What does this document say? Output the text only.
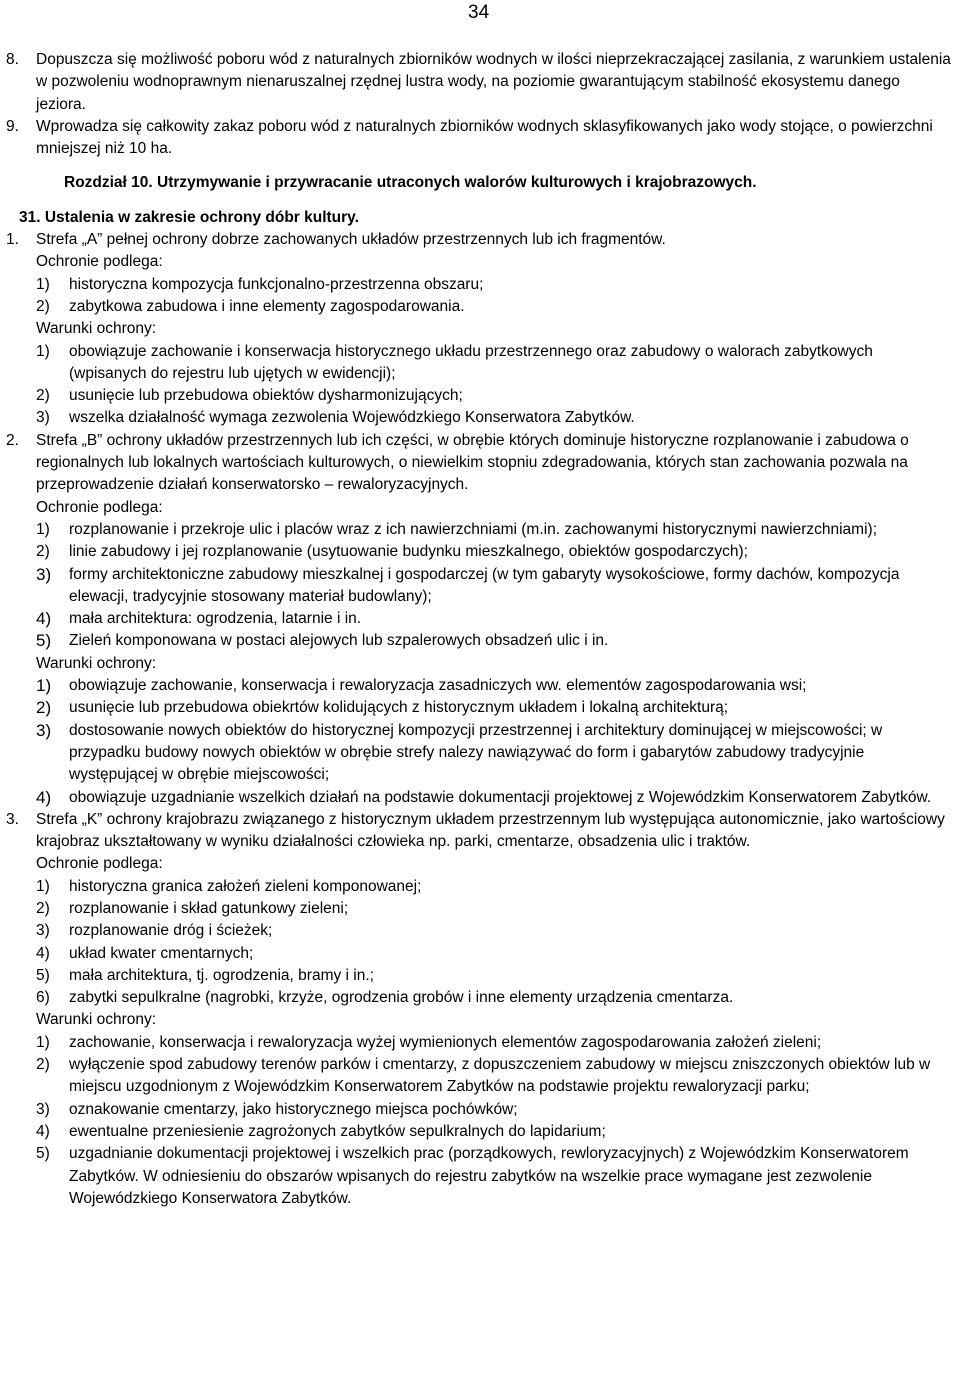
34
8. Dopuszcza się możliwość poboru wód z naturalnych zbiorników wodnych w ilości nieprzekraczającej zasilania, z warunkiem ustalenia w pozwoleniu wodnoprawnym nienaruszalnej rzędnej lustra wody, na poziomie gwarantującym stabilność ekosystemu danego jeziora.
9. Wprowadza się całkowity zakaz poboru wód z naturalnych zbiorników wodnych sklasyfikowanych jako wody stojące, o powierzchni mniejszej niż 10 ha.
Rozdział 10. Utrzymywanie i przywracanie utraconych walorów kulturowych i krajobrazowych.
31. Ustalenia w zakresie ochrony dóbr kultury.
1. Strefa „A” pełnej ochrony dobrze zachowanych układów przestrzennych lub ich fragmentów.
Ochronie podlega:
1) historyczna kompozycja funkcjonalno-przestrzenna obszaru;
2) zabytkowa zabudowa i inne elementy zagospodarowania.
Warunki ochrony:
1) obowiązuje zachowanie i konserwacja historycznego układu przestrzennego oraz zabudowy o walorach zabytkowych (wpisanych do rejestru lub ujętych w ewidencji);
2) usunięcie lub przebudowa obiektów dysharmonizujących;
3) wszelka działalność wymaga zezwolenia Wojewódzkiego Konserwatora Zabytków.
2. Strefa „B” ochrony układów przestrzennych lub ich części, w obrębie których dominuje historyczne rozplanowanie i zabudowa o regionalnych lub lokalnych wartościach kulturowych, o niewielkim stopniu zdegradowania, których stan zachowania pozwala na przeprowadzenie działań konserwatorsko – rewaloryzacyjnych.
Ochronie podlega:
1) rozplanowanie i przekroje ulic i placów wraz z ich nawierzchniami (m.in. zachowanymi historycznymi nawierzchniami);
2) linie zabudowy i jej rozplanowanie (usytuowanie budynku mieszkalnego, obiektów gospodarczych);
3) formy architektoniczne zabudowy mieszkalnej i gospodarczej (w tym gabaryty wysokościowe, formy dachów, kompozycja elewacji, tradycyjnie stosowany materiał budowlany);
4) mała architektura: ogrodzenia, latarnie i in.
5) Zieleń komponowana w postaci alejowych lub szpalerowych obsadzeń ulic i in.
Warunki ochrony:
1) obowiązuje zachowanie, konserwacja i rewaloryzacja zasadniczych ww. elementów zagospodarowania wsi;
2) usunięcie lub przebudowa obiekrtów kolidujących z historycznym układem i lokalną architekturą;
3) dostosowanie nowych obiektów do historycznej kompozycji przestrzennej i architektury dominującej w miejscowości; w przypadku budowy nowych obiektów w obrębie strefy nalezy nawiązywać do form i gabarytów zabudowy tradycyjnie występującej w obrębie miejscowości;
4) obowiązuje uzgadnianie wszelkich działań na podstawie dokumentacji projektowej z Wojewódzkim Konserwatorem Zabytków.
3. Strefa „K” ochrony krajobrazu związanego z historycznym układem przestrzennym lub występująca autonomicznie, jako wartościowy krajobraz ukształtowany w wyniku działalności człowieka np. parki, cmentarze, obsadzenia ulic i traktów.
Ochronie podlega:
1) historyczna granica założeń zieleni komponowanej;
2) rozplanowanie i skład gatunkowy zieleni;
3) rozplanowanie dróg i ścieżek;
4) układ kwater cmentarnych;
5) mała architektura, tj. ogrodzenia, bramy i in.;
6) zabytki sepulkralne (nagrobki, krzyże, ogrodzenia grobów i inne elementy urządzenia cmentarza.
Warunki ochrony:
1) zachowanie, konserwacja i rewaloryzacja wyżej wymienionych elementów zagospodarowania założeń zieleni;
2) wyłączenie spod zabudowy terenów parków i cmentarzy, z dopuszczeniem zabudowy w miejscu zniszczonych obiektów lub w miejscu uzgodnionym z Wojewódzkim Konserwatorem Zabytków na podstawie projektu rewaloryzacji parku;
3) oznakowanie cmentarzy, jako historycznego miejsca pochówków;
4) ewentualne przeniesienie zagrożonych zabytków sepulkralnych do lapidarium;
5) uzgadnianie dokumentacji projektowej i wszelkich prac (porządkowych, rewloryzacyjnych) z Wojewódzkim Konserwatorem Zabytków. W odniesieniu do obszarów wpisanych do rejestru zabytków na wszelkie prace wymagane jest zezwolenie Wojewódzkiego Konserwatora Zabytków.
